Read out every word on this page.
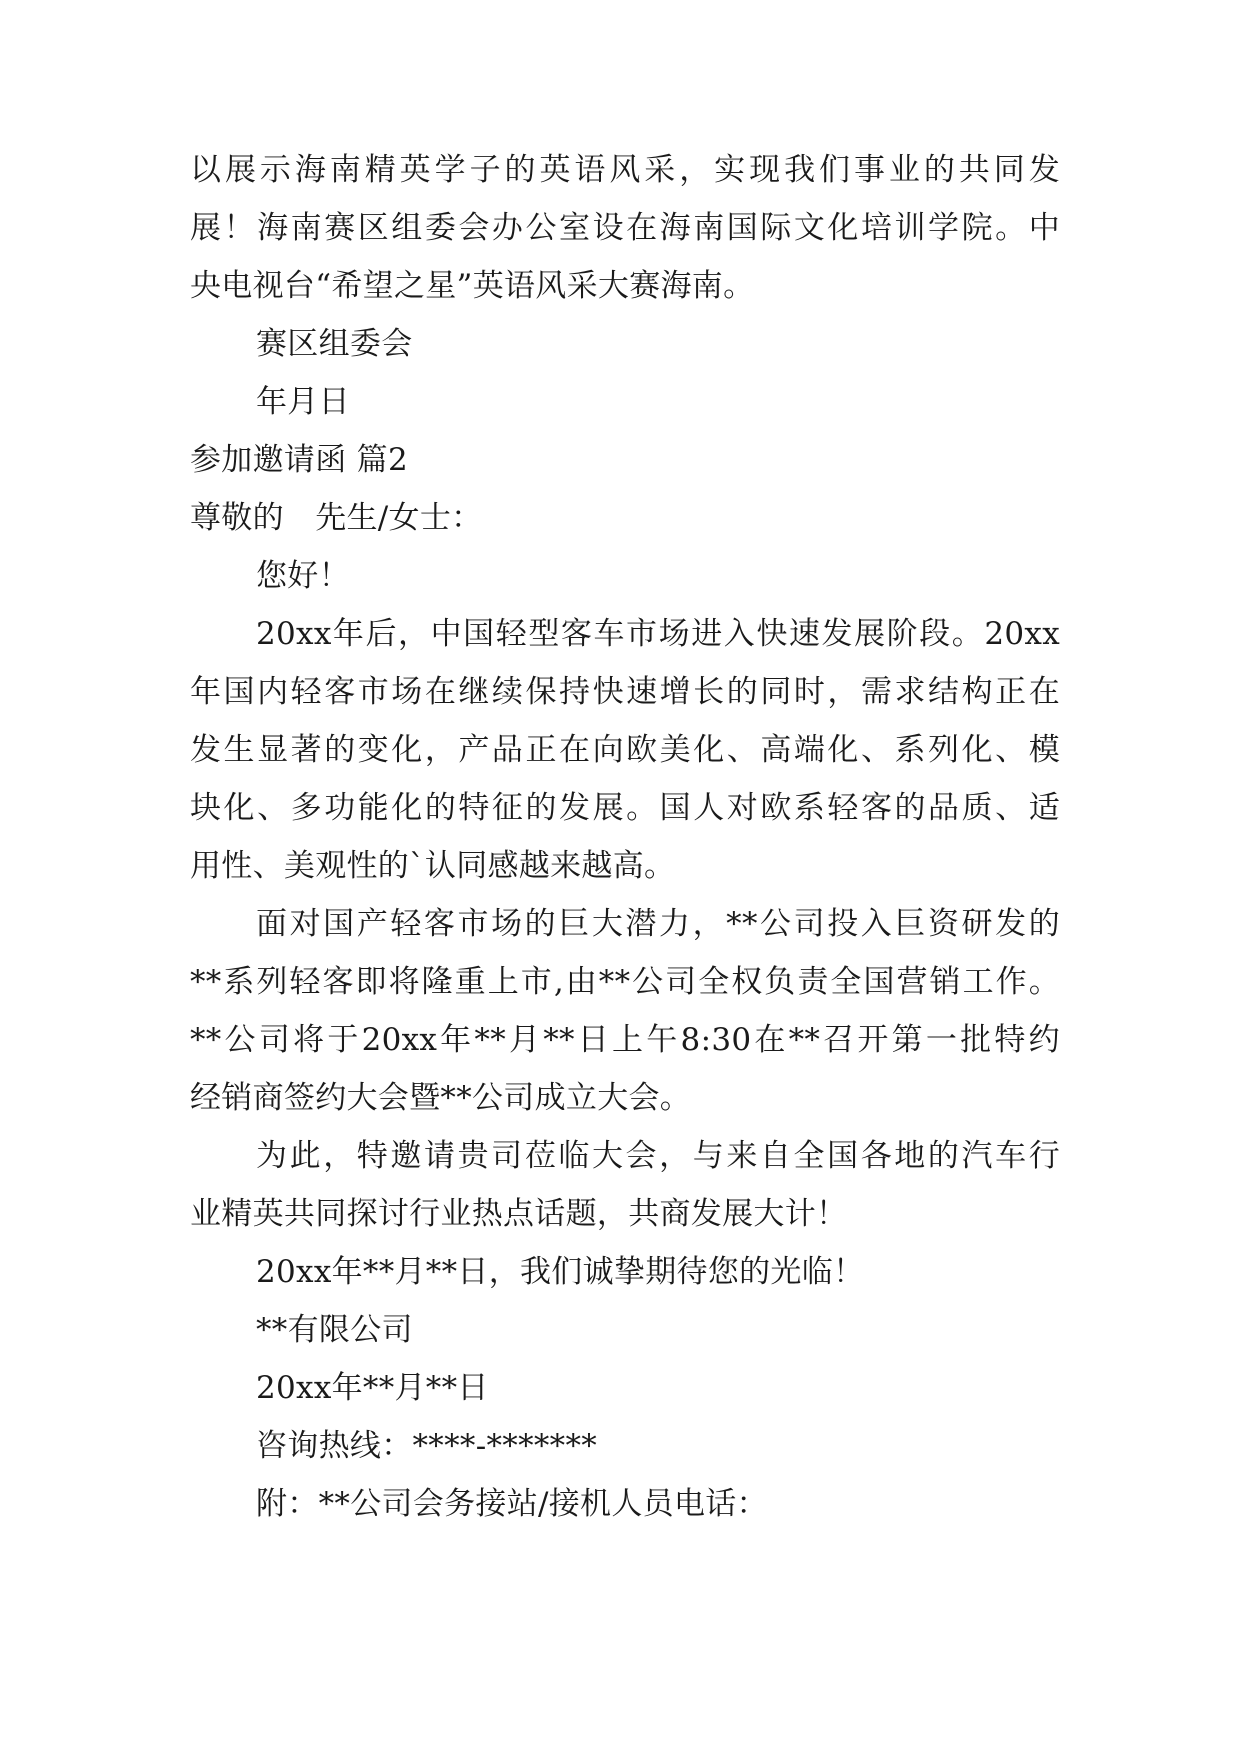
以展示海南精英学子的英语风采，实现我们事业的共同发
展！海南赛区组委会办公室设在海南国际文化培训学院。中
央电视台“希望之星”英语风采大赛海南。
赛区组委会
年月日
参加邀请函 篇2
尊敬的　先生/女士：
您好！
20xx年后，中国轻型客车市场进入快速发展阶段。20xx
年国内轻客市场在继续保持快速增长的同时，需求结构正在
发生显著的变化，产品正在向欧美化、高端化、系列化、模
块化、多功能化的特征的发展。国人对欧系轻客的品质、适
用性、美观性的`认同感越来越高。
面对国产轻客市场的巨大潜力，**公司投入巨资研发的
**系列轻客即将隆重上市,由**公司全权负责全国营销工作。
**公司将于20xx年**月**日上午8:30在**召开第一批特约
经销商签约大会暨**公司成立大会。
为此，特邀请贵司莅临大会，与来自全国各地的汽车行
业精英共同探讨行业热点话题，共商发展大计！
20xx年**月**日，我们诚挚期待您的光临！
**有限公司
20xx年**月**日
咨询热线：****-*******
附：**公司会务接站/接机人员电话：
